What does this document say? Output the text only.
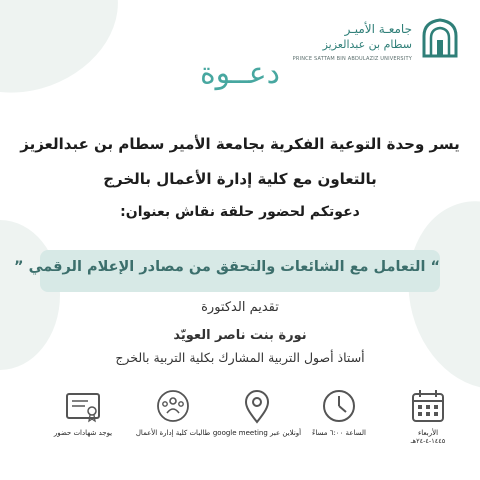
جامعـة الأميـر
سطام بن عبدالعزيز
PRINCE SATTAM BIN ABDULAZIZ UNIVERSITY
دعــوة
يسر وحدة التوعية الفكرية بجامعة الأمير سطام بن عبدالعزيز
بالتعاون مع كلية إدارة الأعمال بالخرج
دعوتكم لحضور حلقة نقاش بعنوان:
“ التعامل مع الشائعات والتحقق من مصادر الإعلام الرقمي ”
تقديم الدكتورة
نورة بنت ناصر العويّد
أستاذ أصول التربية المشارك بكلية التربية بالخرج
الأربعاء
١٤٤٥-٤-٢٤هـ
الساعة ٦:٠٠ مساءً
أونلاين عبر google meeting
طالبات كلية إدارة الأعمال
يوجد شهادات حضور
